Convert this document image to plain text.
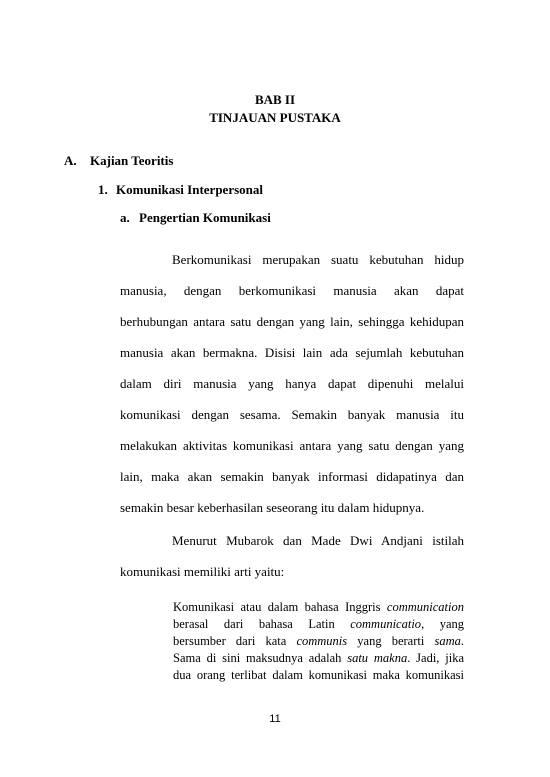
BAB II
TINJAUAN PUSTAKA
A. Kajian Teoritis
1. Komunikasi Interpersonal
a. Pengertian Komunikasi
Berkomunikasi merupakan suatu kebutuhan hidup
manusia, dengan berkomunikasi manusia akan dapat
berhubungan antara satu dengan yang lain, sehingga kehidupan
manusia akan bermakna. Disisi lain ada sejumlah kebutuhan
dalam diri manusia yang hanya dapat dipenuhi melalui
komunikasi dengan sesama. Semakin banyak manusia itu
melakukan aktivitas komunikasi antara yang satu dengan yang
lain, maka akan semakin banyak informasi didapatinya dan
semakin besar keberhasilan seseorang itu dalam hidupnya.
Menurut Mubarok dan Made Dwi Andjani istilah
komunikasi memiliki arti yaitu:
Komunikasi atau dalam bahasa Inggris communication
berasal dari bahasa Latin communicatio, yang
bersumber dari kata communis yang berarti sama.
Sama di sini maksudnya adalah satu makna. Jadi, jika
dua orang terlibat dalam komunikasi maka komunikasi
11
